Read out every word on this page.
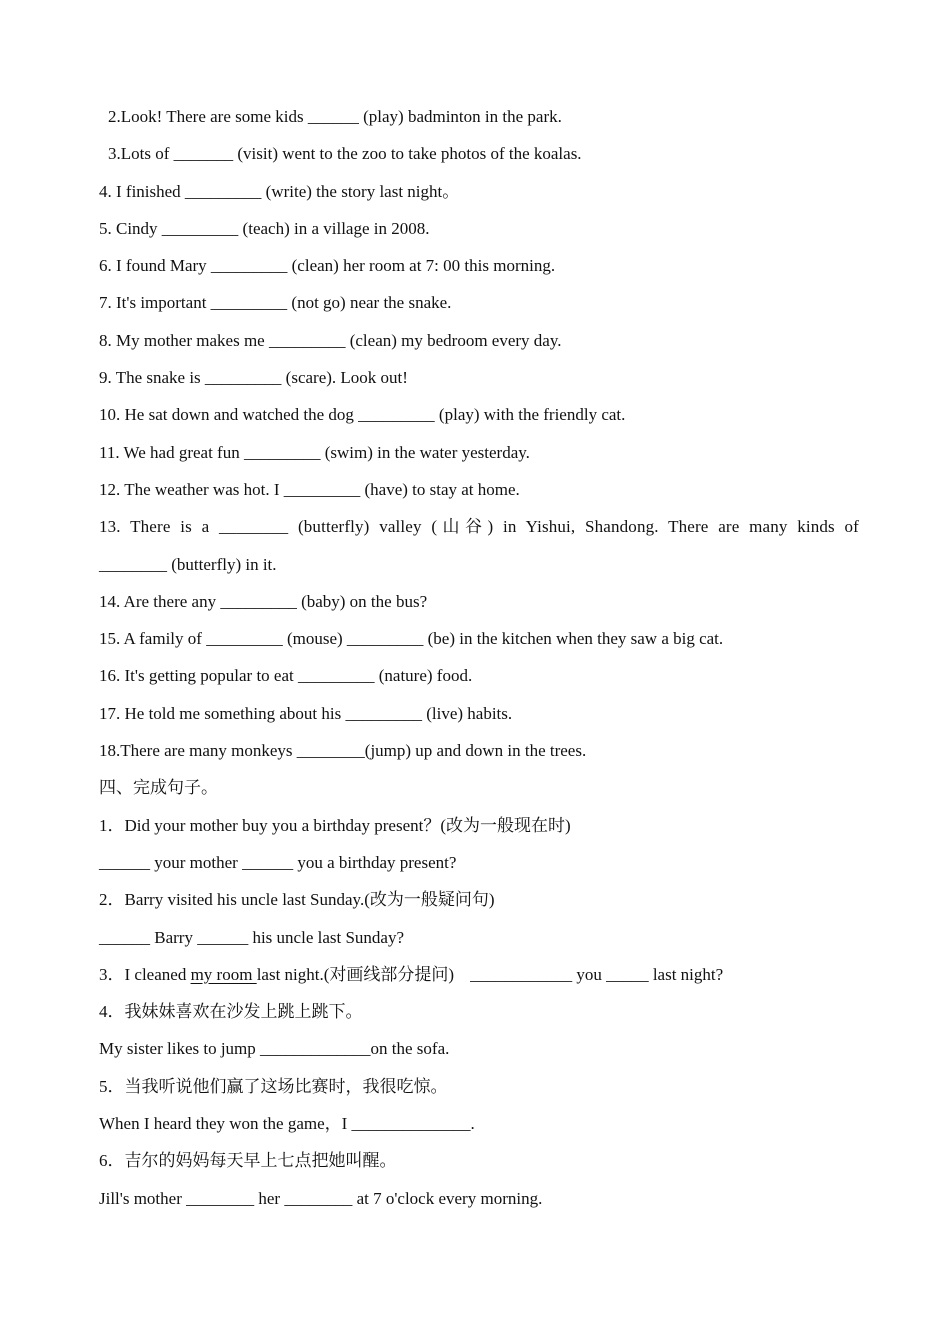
2.Look! There are some kids ______ (play) badminton in the park.
3.Lots of _______ (visit) went to the zoo to take photos of the koalas.
4. I finished _________ (write) the story last night。
5. Cindy _________ (teach) in a village in 2008.
6. I found Mary _________ (clean) her room at 7: 00 this morning.
7. It's important _________ (not go) near the snake.
8. My mother makes me _________ (clean) my bedroom every day.
9. The snake is _________ (scare). Look out!
10. He sat down and watched the dog _________ (play) with the friendly cat.
11. We had great fun _________ (swim) in the water yesterday.
12. The weather was hot. I _________ (have) to stay at home.
13. There is a ________ (butterfly) valley (山谷) in Yishui, Shandong. There are many kinds of
________ (butterfly) in it.
14. Are there any _________ (baby) on the bus?
15. A family of _________ (mouse) _________ (be) in the kitchen when they saw a big cat.
16. It's getting popular to eat _________ (nature) food.
17. He told me something about his _________ (live) habits.
18.There are many monkeys ________(jump) up and down in the trees.
四、完成句子。
1．Did your mother buy you a birthday present？(改为一般现在时)
______ your mother ______ you a birthday present?
2．Barry visited his uncle last Sunday.(改为一般疑问句)
______ Barry ______ his uncle last Sunday?
3．I cleaned my room last night.(对画线部分提问) ____________ you _____ last night?
4．我妹妹喜欢在沙发上跳上跳下。
My sister likes to jump _____________on the sofa.
5．当我听说他们赢了这场比赛时，我很吃惊。
When I heard they won the game，I ______________.
6．吉尔的妈妈每天早上七点把她叫醒。
Jill's mother ________ her ________ at 7 o'clock every morning.
